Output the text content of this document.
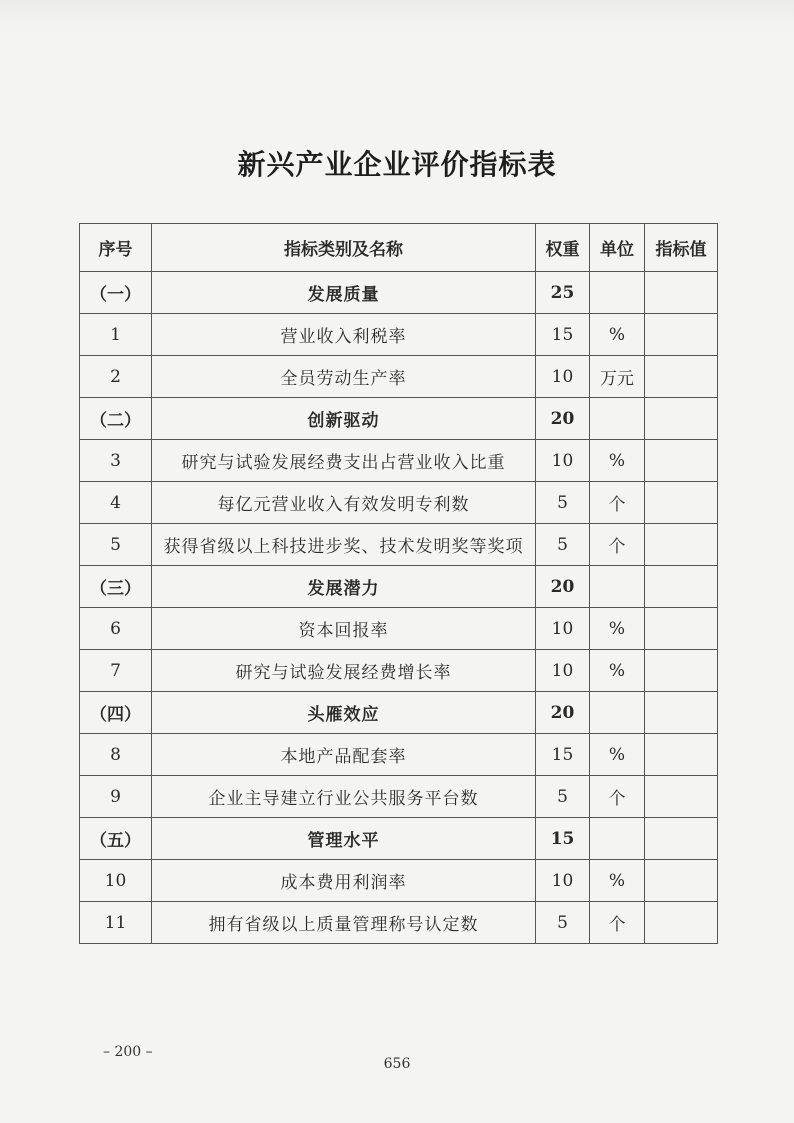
新兴产业企业评价指标表
序号	指标类别及名称	权重	单位	指标值
（一）	发展质量	25		
1	营业收入利税率	15	%	
2	全员劳动生产率	10	万元	
（二）	创新驱动	20		
3	研究与试验发展经费支出占营业收入比重	10	%	
4	每亿元营业收入有效发明专利数	5	个	
5	获得省级以上科技进步奖、技术发明奖等奖项	5	个	
（三）	发展潜力	20		
6	资本回报率	10	%	
7	研究与试验发展经费增长率	10	%	
（四）	头雁效应	20		
8	本地产品配套率	15	%	
9	企业主导建立行业公共服务平台数	5	个	
（五）	管理水平	15		
10	成本费用利润率	10	%	
11	拥有省级以上质量管理称号认定数	5	个	
– 200 –
656
